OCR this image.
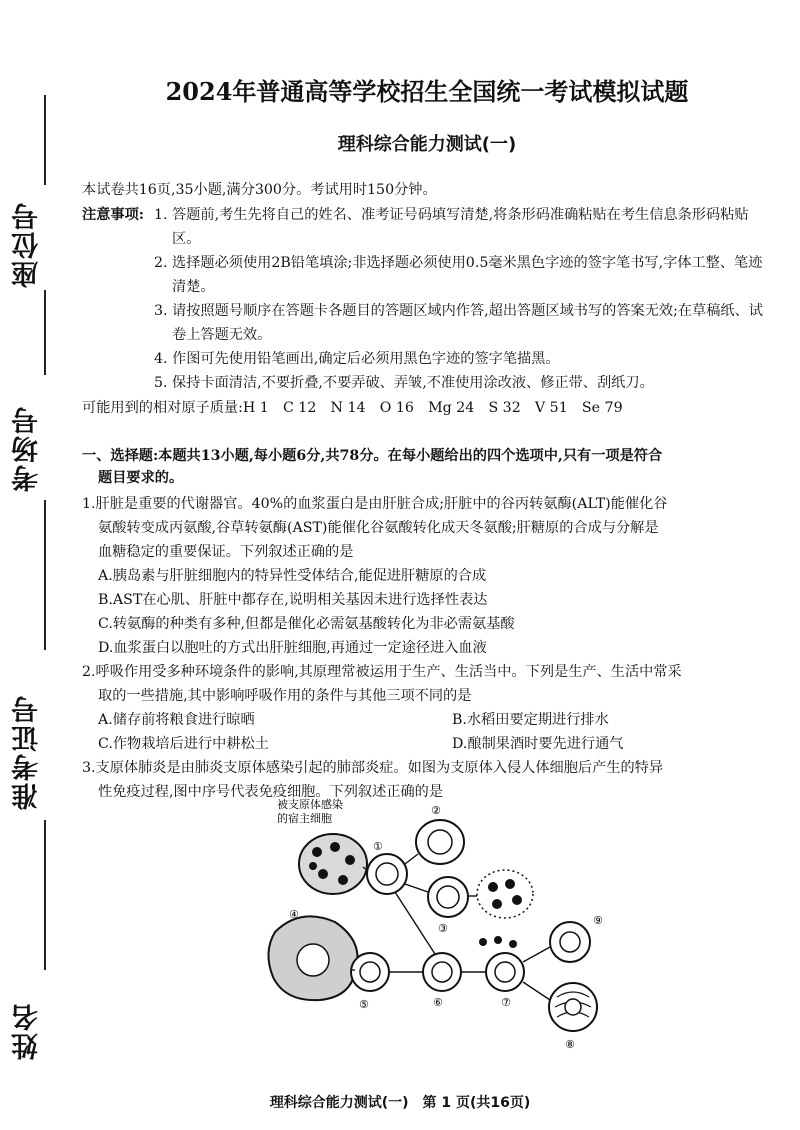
座位号
考场号
准考证号
姓名
2024年普通高等学校招生全国统一考试模拟试题
理科综合能力测试(一)
本试卷共16页,35小题,满分300分。考试用时150分钟。
注意事项: 1. 答题前,考生先将自己的姓名、准考证号码填写清楚,将条形码准确粘贴在考生信息条形码粘贴区。
2. 选择题必须使用2B铅笔填涂;非选择题必须使用0.5毫米黑色字迹的签字笔书写,字体工整、笔迹清楚。
3. 请按照题号顺序在答题卡各题目的答题区域内作答,超出答题区域书写的答案无效;在草稿纸、试卷上答题无效。
4. 作图可先使用铅笔画出,确定后必须用黑色字迹的签字笔描黑。
5. 保持卡面清洁,不要折叠,不要弄破、弄皱,不准使用涂改液、修正带、刮纸刀。
可能用到的相对原子质量:H 1　C 12　N 14　O 16　Mg 24　S 32　V 51　Se 79
一、选择题:本题共13小题,每小题6分,共78分。在每小题给出的四个选项中,只有一项是符合
题目要求的。
1.肝脏是重要的代谢器官。40%的血浆蛋白是由肝脏合成;肝脏中的谷丙转氨酶(ALT)能催化谷
氨酸转变成丙氨酸,谷草转氨酶(AST)能催化谷氨酸转化成天冬氨酸;肝糖原的合成与分解是
血糖稳定的重要保证。下列叙述正确的是
A.胰岛素与肝脏细胞内的特异性受体结合,能促进肝糖原的合成
B.AST在心肌、肝脏中都存在,说明相关基因未进行选择性表达
C.转氨酶的种类有多种,但都是催化必需氨基酸转化为非必需氨基酸
D.血浆蛋白以胞吐的方式出肝脏细胞,再通过一定途径进入血液
2.呼吸作用受多种环境条件的影响,其原理常被运用于生产、生活当中。下列是生产、生活中常采
取的一些措施,其中影响呼吸作用的条件与其他三项不同的是
A.储存前将粮食进行晾晒	B.水稻田要定期进行排水
C.作物栽培后进行中耕松土	D.酿制果酒时要先进行通气
3.支原体肺炎是由肺炎支原体感染引起的肺部炎症。如图为支原体入侵人体细胞后产生的特异
性免疫过程,图中序号代表免疫细胞。下列叙述正确的是
被支原体感染
的宿主细胞
①
②
③
④
⑤	⑥	⑦
⑨
⑧
理科综合能力测试(一)　第 1 页(共16页)
